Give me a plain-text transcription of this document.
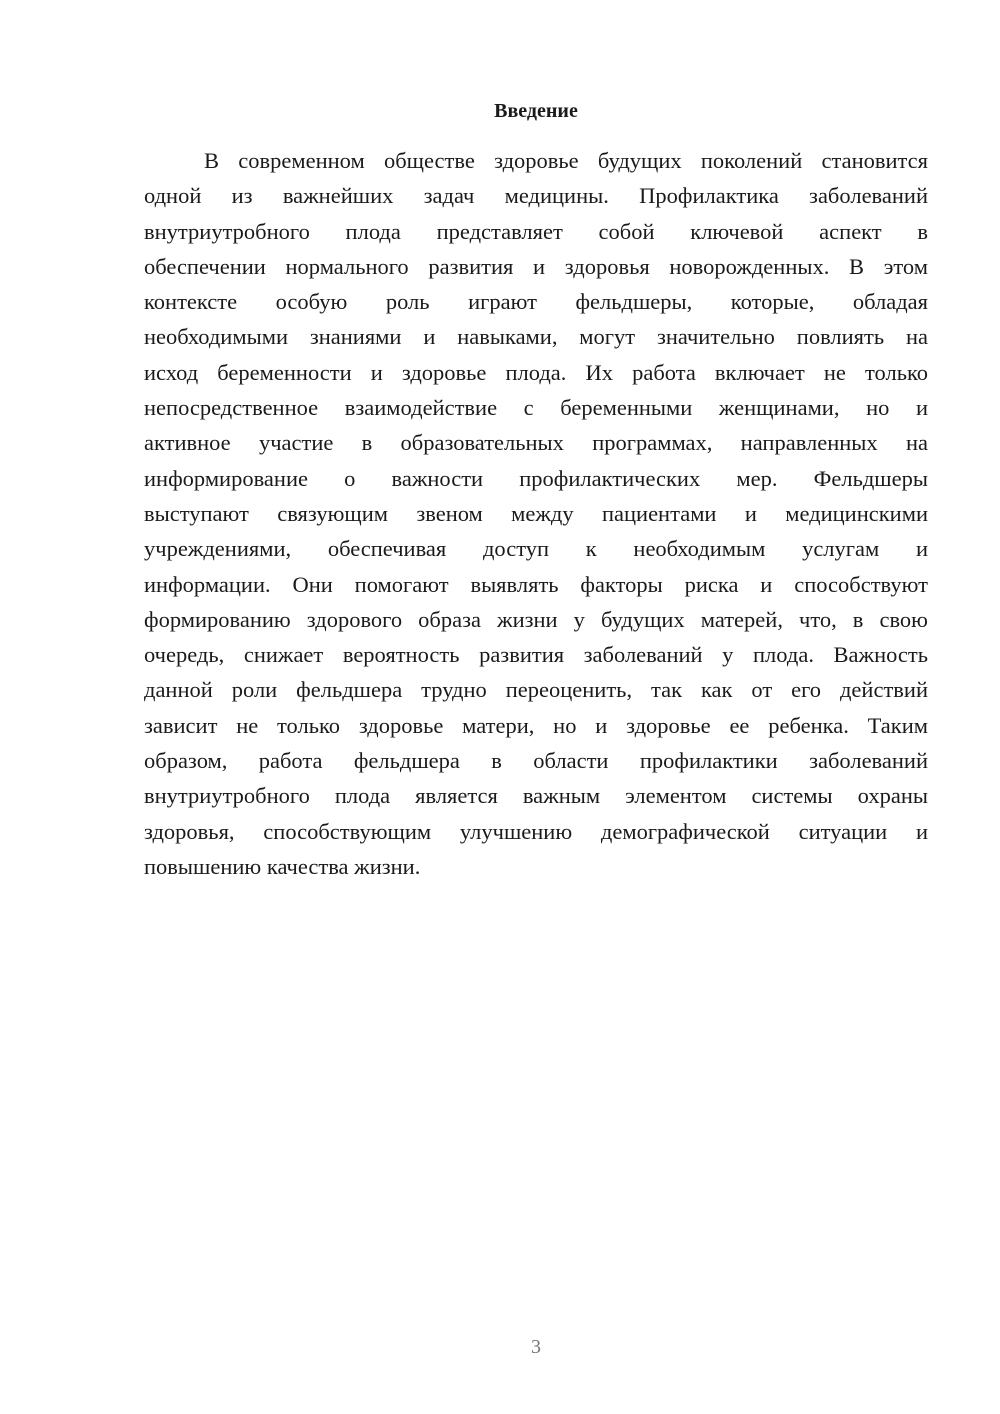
Введение
В современном обществе здоровье будущих поколений становится
одной из важнейших задач медицины. Профилактика заболеваний
внутриутробного плода представляет собой ключевой аспект в
обеспечении нормального развития и здоровья новорожденных. В этом
контексте особую роль играют фельдшеры, которые, обладая
необходимыми знаниями и навыками, могут значительно повлиять на
исход беременности и здоровье плода. Их работа включает не только
непосредственное взаимодействие с беременными женщинами, но и
активное участие в образовательных программах, направленных на
информирование о важности профилактических мер. Фельдшеры
выступают связующим звеном между пациентами и медицинскими
учреждениями, обеспечивая доступ к необходимым услугам и
информации. Они помогают выявлять факторы риска и способствуют
формированию здорового образа жизни у будущих матерей, что, в свою
очередь, снижает вероятность развития заболеваний у плода. Важность
данной роли фельдшера трудно переоценить, так как от его действий
зависит не только здоровье матери, но и здоровье ее ребенка. Таким
образом, работа фельдшера в области профилактики заболеваний
внутриутробного плода является важным элементом системы охраны
здоровья, способствующим улучшению демографической ситуации и
повышению качества жизни.
3
